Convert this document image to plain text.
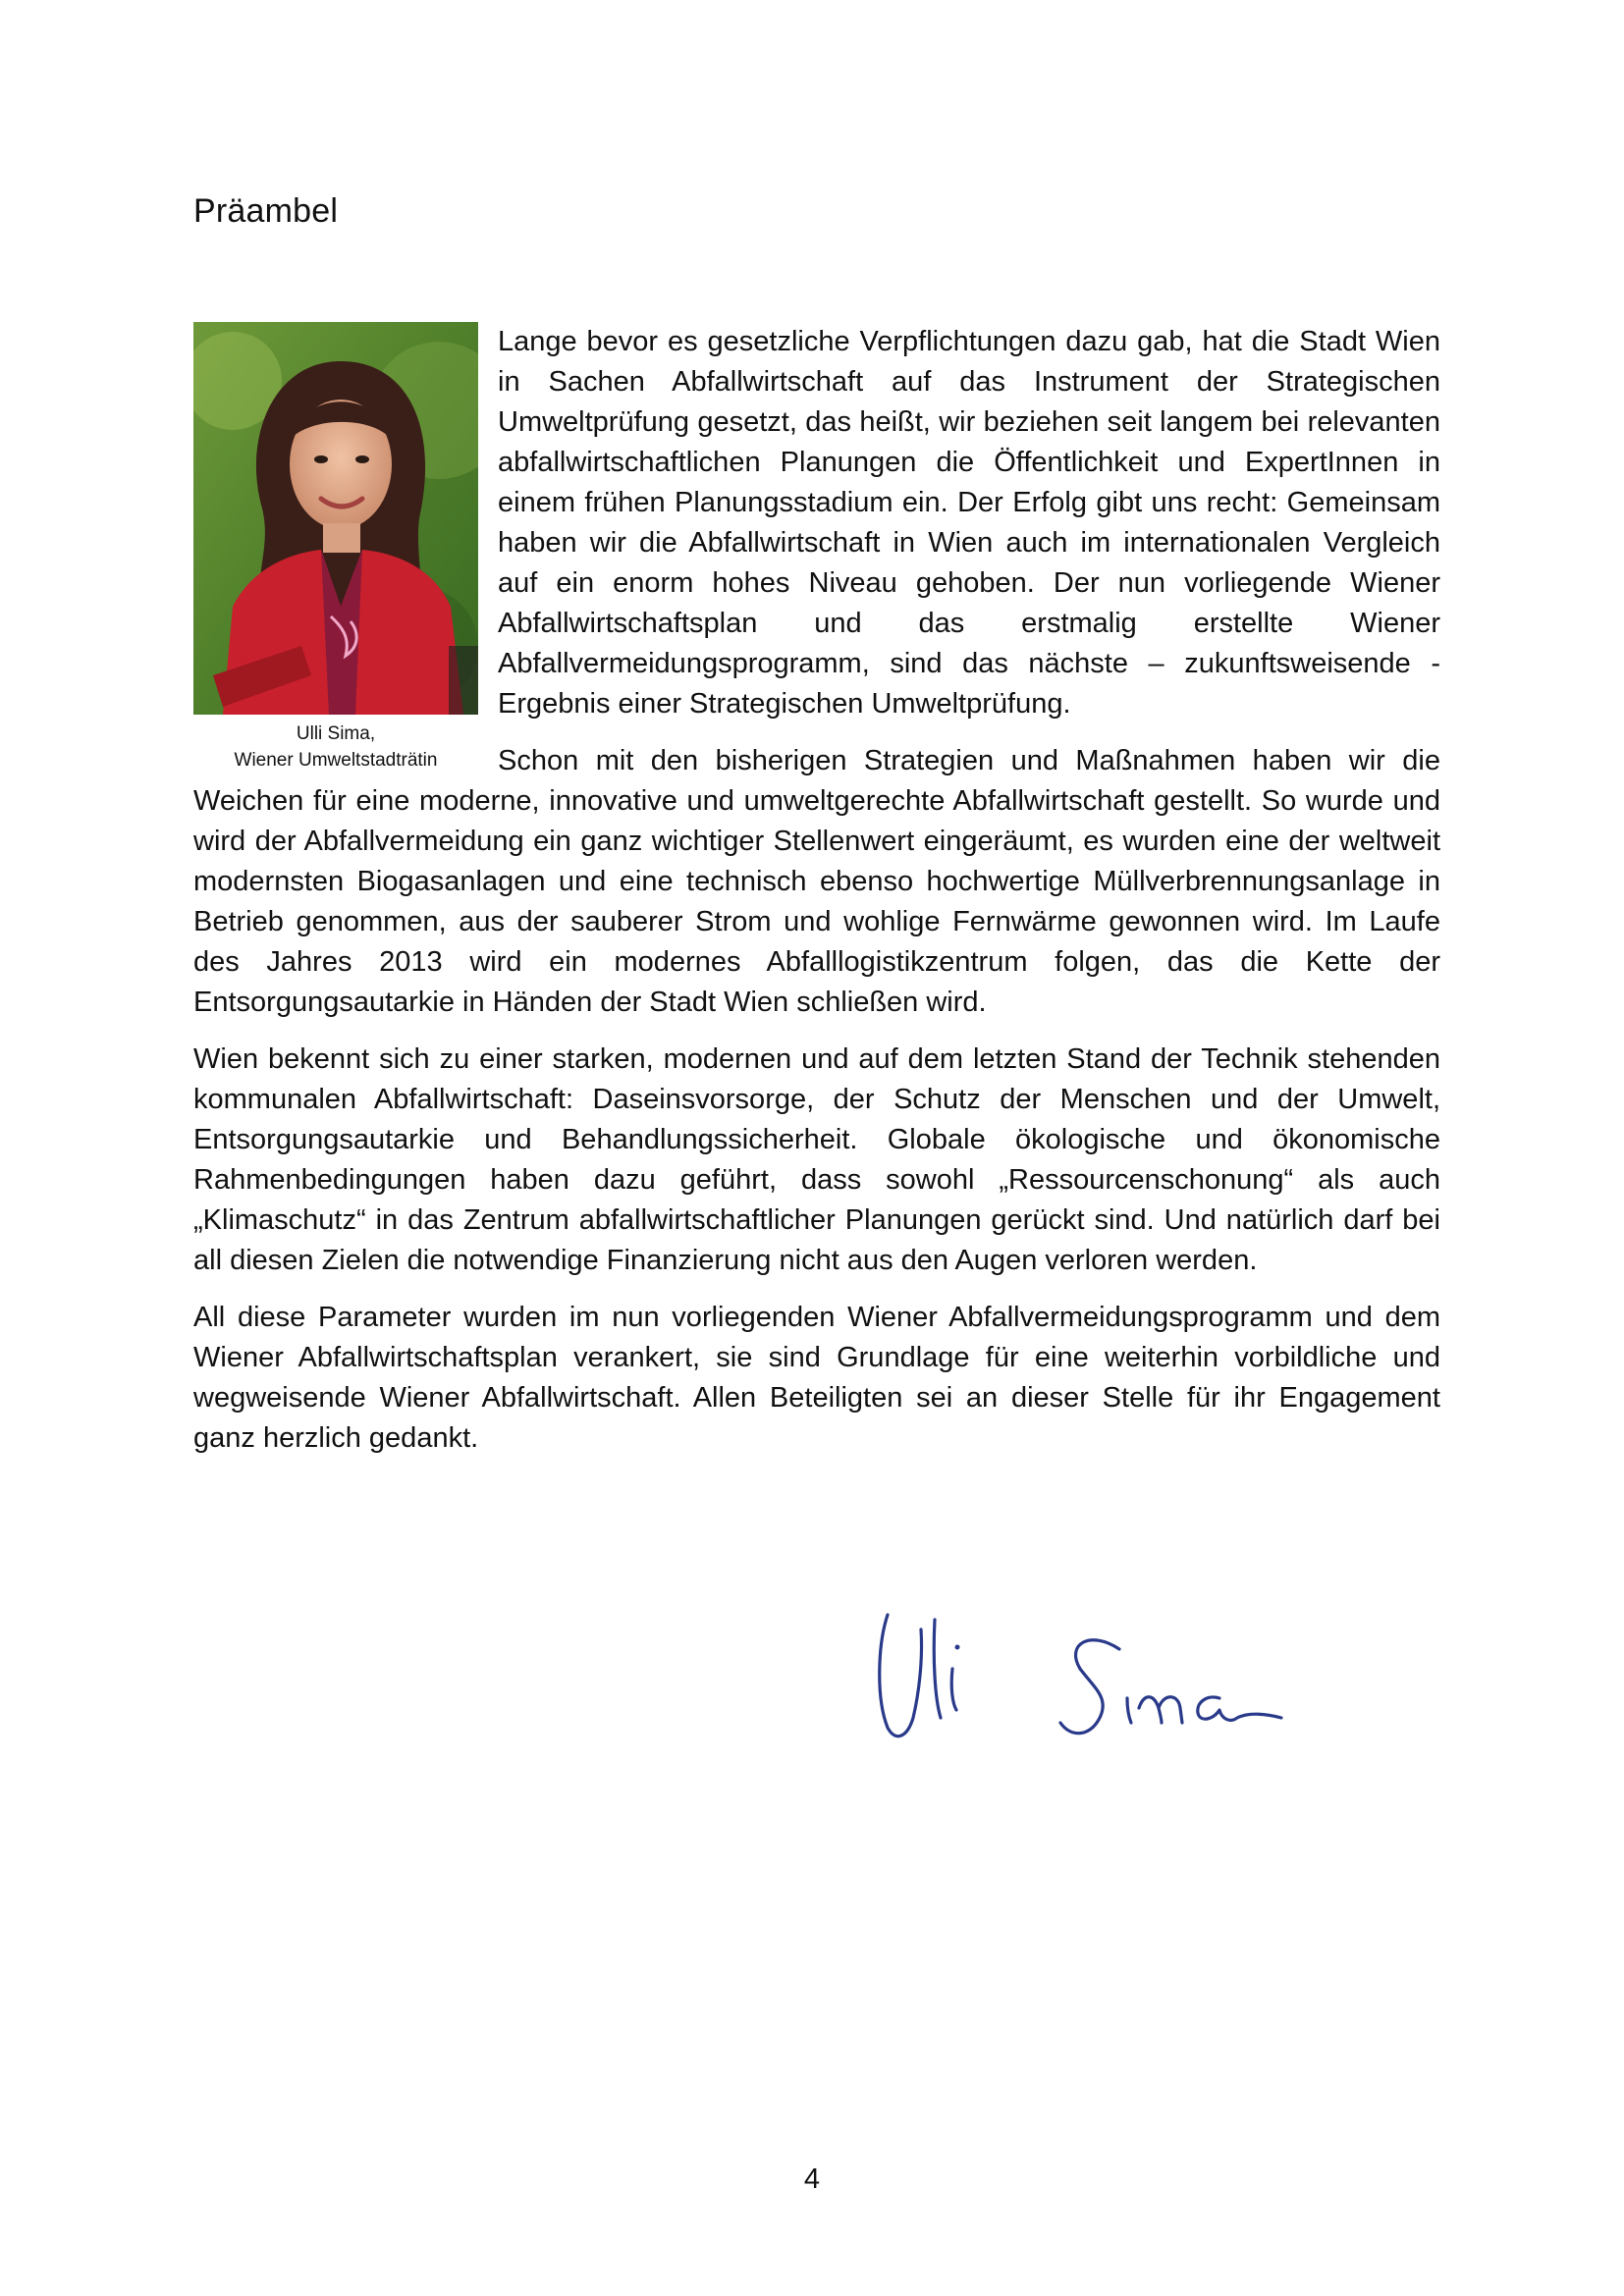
Präambel
Ulli Sima,
Wiener Umweltstadträtin

Lange bevor es gesetzliche Verpflichtungen dazu gab, hat die Stadt Wien in Sachen Abfallwirtschaft auf das Instrument der Strategischen Umweltprüfung gesetzt, das heißt, wir beziehen seit langem bei relevanten abfallwirtschaftlichen Planungen die Öffentlichkeit und ExpertInnen in einem frühen Planungsstadium ein. Der Erfolg gibt uns recht: Gemeinsam haben wir die Abfallwirtschaft in Wien auch im internationalen Vergleich auf ein enorm hohes Niveau gehoben. Der nun vorliegende Wiener Abfallwirtschaftsplan und das erstmalig erstellte Wiener Abfallvermeidungsprogramm, sind das nächste – zukunftsweisende - Ergebnis einer Strategischen Umweltprüfung.

Schon mit den bisherigen Strategien und Maßnahmen haben wir die Weichen für eine moderne, innovative und umweltgerechte Abfallwirtschaft gestellt. So wurde und wird der Abfallvermeidung ein ganz wichtiger Stellenwert eingeräumt, es wurden eine der weltweit modernsten Biogasanlagen und eine technisch ebenso hochwertige Müllverbrennungsanlage in Betrieb genommen, aus der sauberer Strom und wohlige Fernwärme gewonnen wird. Im Laufe des Jahres 2013 wird ein modernes Abfalllogistikzentrum folgen, das die Kette der Entsorgungsautarkie in Händen der Stadt Wien schließen wird.

Wien bekennt sich zu einer starken, modernen und auf dem letzten Stand der Technik stehenden kommunalen Abfallwirtschaft: Daseinsvorsorge, der Schutz der Menschen und der Umwelt, Entsorgungsautarkie und Behandlungssicherheit. Globale ökologische und ökonomische Rahmenbedingungen haben dazu geführt, dass sowohl „Ressourcenschonung“ als auch „Klimaschutz“ in das Zentrum abfallwirtschaftlicher Planungen gerückt sind. Und natürlich darf bei all diesen Zielen die notwendige Finanzierung nicht aus den Augen verloren werden.

All diese Parameter wurden im nun vorliegenden Wiener Abfallvermeidungsprogramm und dem Wiener Abfallwirtschaftsplan verankert, sie sind Grundlage für eine weiterhin vorbildliche und wegweisende Wiener Abfallwirtschaft. Allen Beteiligten sei an dieser Stelle für ihr Engagement ganz herzlich gedankt.

4
